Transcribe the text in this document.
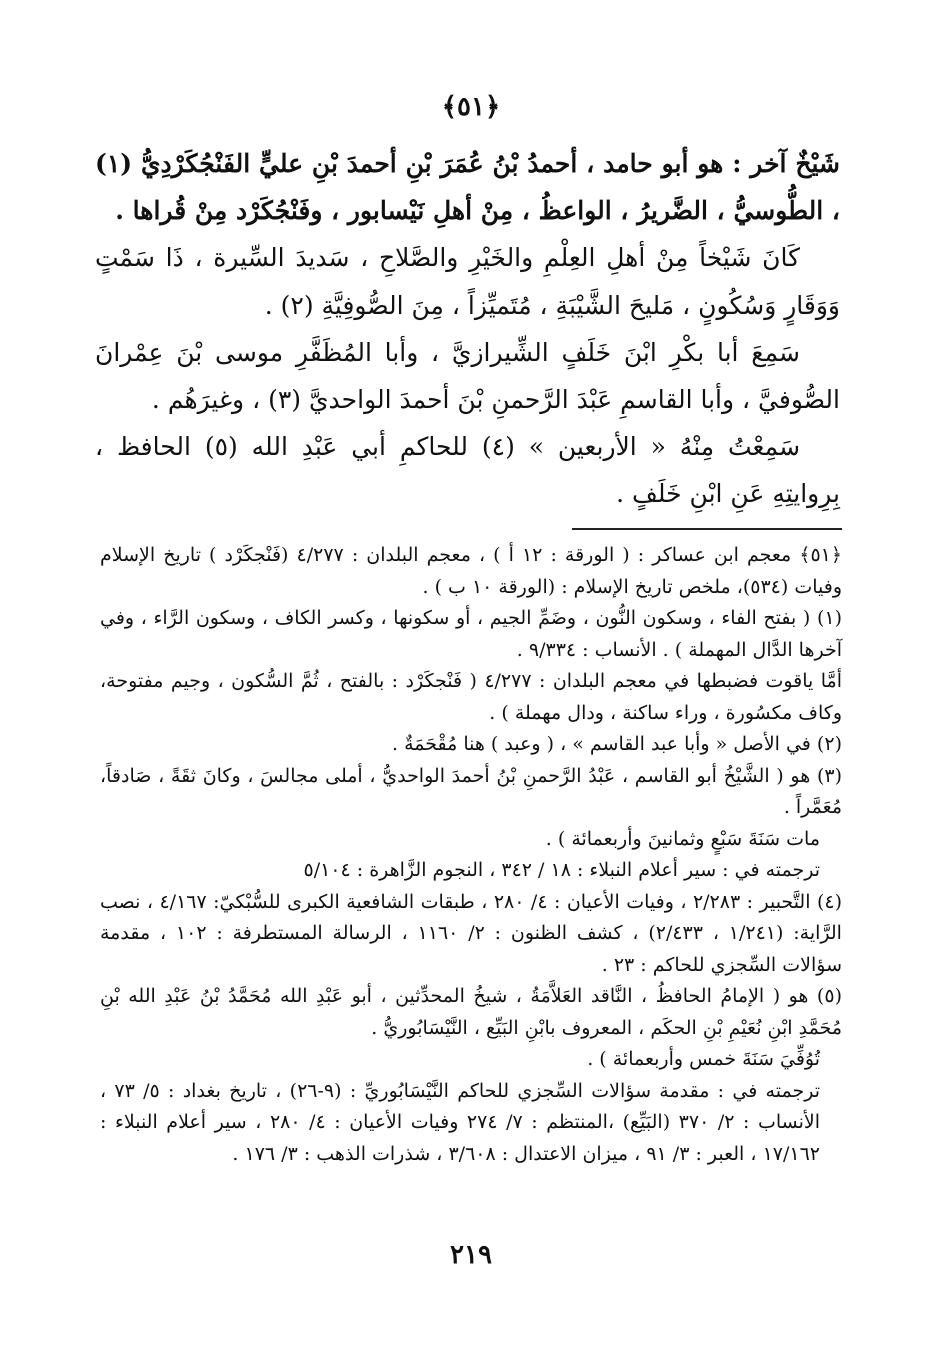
﴿٥١﴾

شَيْخٌ آخر : هو أبو حامد ، أحمدُ بْنُ عُمَرَ بْنِ أحمدَ بْنِ عليٍّ الفَنْجُكَرْدِيُّ (١) ، الطُّوسيُّ ، الضَّريرُ ، الواعظُ ، مِنْ أهلِ نَيْسابور ، وفَنْجُكَرْد مِنْ قُراها .

كَانَ شَيْخاً مِنْ أهلِ العِلْمِ والخَيْرِ والصَّلاحِ ، سَديدَ السِّيرة ، ذَا سَمْتٍ وَوَقَارٍ وَسُكُونٍ ، مَليحَ الشَّيْبَةِ ، مُتَميِّزاً ، مِنَ الصُّوفِيَّةِ (٢) .

سَمِعَ أبا بكْرِ ابْنَ خَلَفٍ الشِّيرازيَّ ، وأبا المُظَفَّرِ موسى بْنَ عِمْرانَ الصُّوفيَّ ، وأبا القاسمِ عَبْدَ الرَّحمنِ بْنَ أحمدَ الواحديَّ (٣) ، وغيرَهُم .

سَمِعْتُ مِنْهُ « الأربعين » (٤) للحاكمِ أبي عَبْدِ الله (٥) الحافظ ، بِرِوايتِهِ عَنِ ابْنِ خَلَفٍ .

﴿٥١﴾ معجم ابن عساكر : ( الورقة : ١٢ أ ) ، معجم البلدان : ٤/٢٧٧ (فَنْجكَرْد ) تاريخ الإسلام وفيات (٥٣٤)، ملخص تاريخ الإسلام : (الورقة ١٠ ب ) .

(١) ( بفتح الفاء ، وسكون النُّون ، وضَمِّ الجيم ، أو سكونها ، وكسر الكاف ، وسكون الرَّاء ، وفي آخرها الدَّال المهملة ) . الأنساب : ٩/٣٣٤ .

أمَّا ياقوت فضبطها في معجم البلدان : ٤/٢٧٧ ( فَنْجكَرْد : بالفتح ، ثُمَّ السُّكون ، وجيم مفتوحة، وكاف مكسُورة ، وراء ساكنة ، ودال مهملة ) .

(٢) في الأصل « وأبا عبد القاسم » ، ( وعبد ) هنا مُقْحَمَةٌ .

(٣) هو ( الشَّيْخُ أبو القاسم ، عَبْدُ الرَّحمنِ بْنُ أحمدَ الواحديُّ ، أملى مجالسَ ، وكانَ ثقَةً ، صَادقاً، مُعَمَّراً .

مات سَنَةَ سَبْعٍ وثمانينَ وأربعمائة ) .

ترجمته في : سير أعلام النبلاء : ١٨ / ٣٤٢ ، النجوم الزَّاهرة : ٥/١٠٤

(٤) التَّحبير : ٢/٢٨٣ ، وفيات الأعيان : ٤/ ٢٨٠ ، طبقات الشافعية الكبرى للسُّبْكيّ: ٤/١٦٧ ، نصب الرَّاية: (١/٢٤١ ، ٢/٤٣٣) ، كشف الظنون : ٢/ ١١٦٠ ، الرسالة المستطرفة : ١٠٢ ، مقدمة سؤالات السِّجزي للحاكم : ٢٣ .

(٥) هو ( الإمامُ الحافظُ ، النَّاقد العَلاَّمَةُ ، شيخُ المحدِّثين ، أبو عَبْدِ الله مُحَمَّدُ بْنُ عَبْدِ الله بْنِ مُحَمَّدِ ابْنِ نُعَيْمِ بْنِ الحكَم ، المعروف بابْنِ البَيِّع ، النَّيْسَابُوريُّ .

تُوُفِّيَ سَنَةَ خمس وأربعمائة ) .

ترجمته في : مقدمة سؤالات السِّجزي للحاكم النَّيْسَابُوريِّ : (٩-٢٦) ، تاريخ بغداد : ٥/ ٧٣ ، الأنساب : ٢/ ٣٧٠ (البَيِّع) ،المنتظم : ٧/ ٢٧٤ وفيات الأعيان : ٤/ ٢٨٠ ، سير أعلام النبلاء : ١٧/١٦٢ ، العبر : ٣/ ٩١ ، ميزان الاعتدال : ٣/٦٠٨ ، شذرات الذهب : ٣/ ١٧٦ .

٢١٩
